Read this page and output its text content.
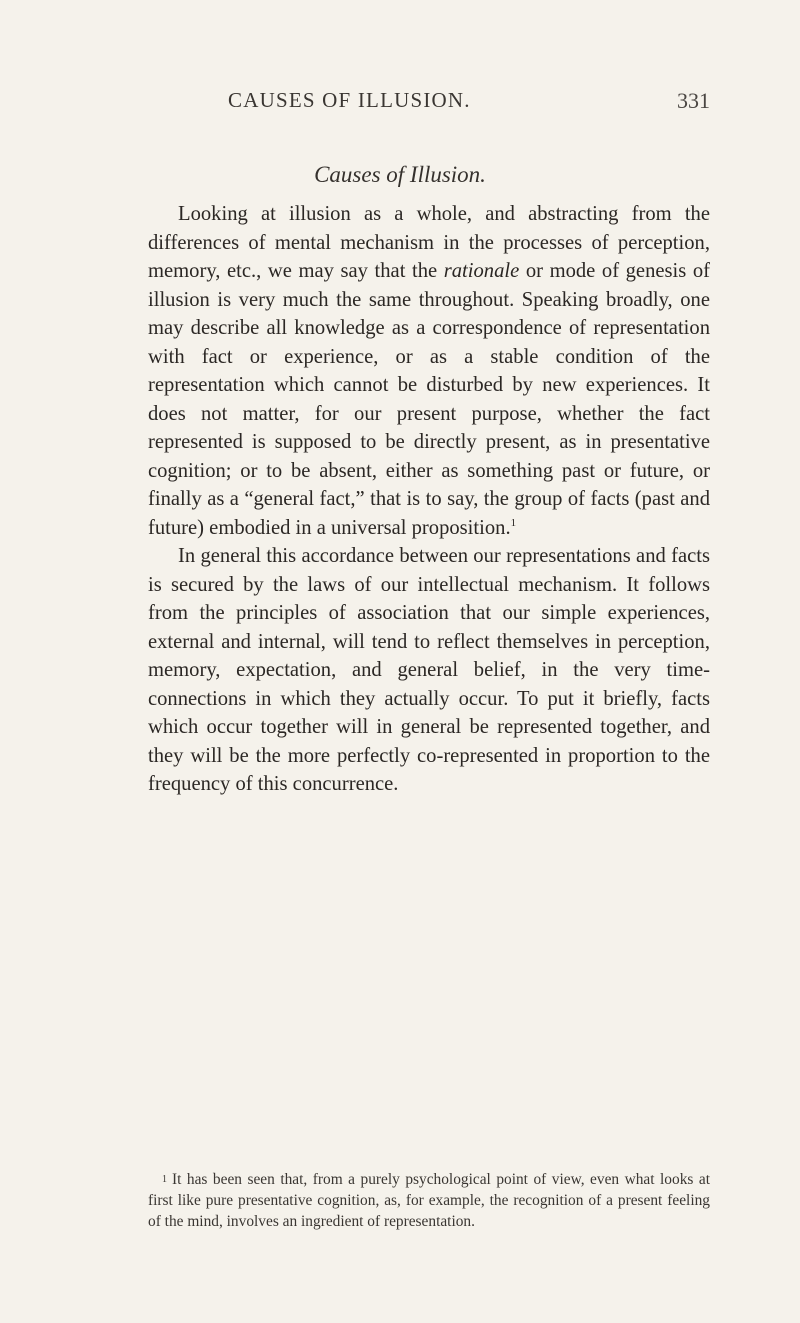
CAUSES OF ILLUSION.	331
Causes of Illusion.

Looking at illusion as a whole, and abstracting from the differences of mental mechanism in the processes of perception, memory, etc., we may say that the rationale or mode of genesis of illusion is very much the same throughout. Speaking broadly, one may describe all knowledge as a correspondence of representation with fact or experience, or as a stable condition of the representation which cannot be disturbed by new experiences. It does not matter, for our present purpose, whether the fact represented is supposed to be directly present, as in presentative cognition; or to be absent, either as something past or future, or finally as a “general fact,” that is to say, the group of facts (past and future) embodied in a universal proposition.$^1$

In general this accordance between our representations and facts is secured by the laws of our intellectual mechanism. It follows from the principles of association that our simple experiences, external and internal, will tend to reflect themselves in perception, memory, expectation, and general belief, in the very time-connections in which they actually occur. To put it briefly, facts which occur together will in general be represented together, and they will be the more perfectly co-represented in proportion to the frequency of this concurrence.

$^1$ It has been seen that, from a purely psychological point of view, even what looks at first like pure presentative cognition, as, for example, the recognition of a present feeling of the mind, involves an ingredient of representation.
